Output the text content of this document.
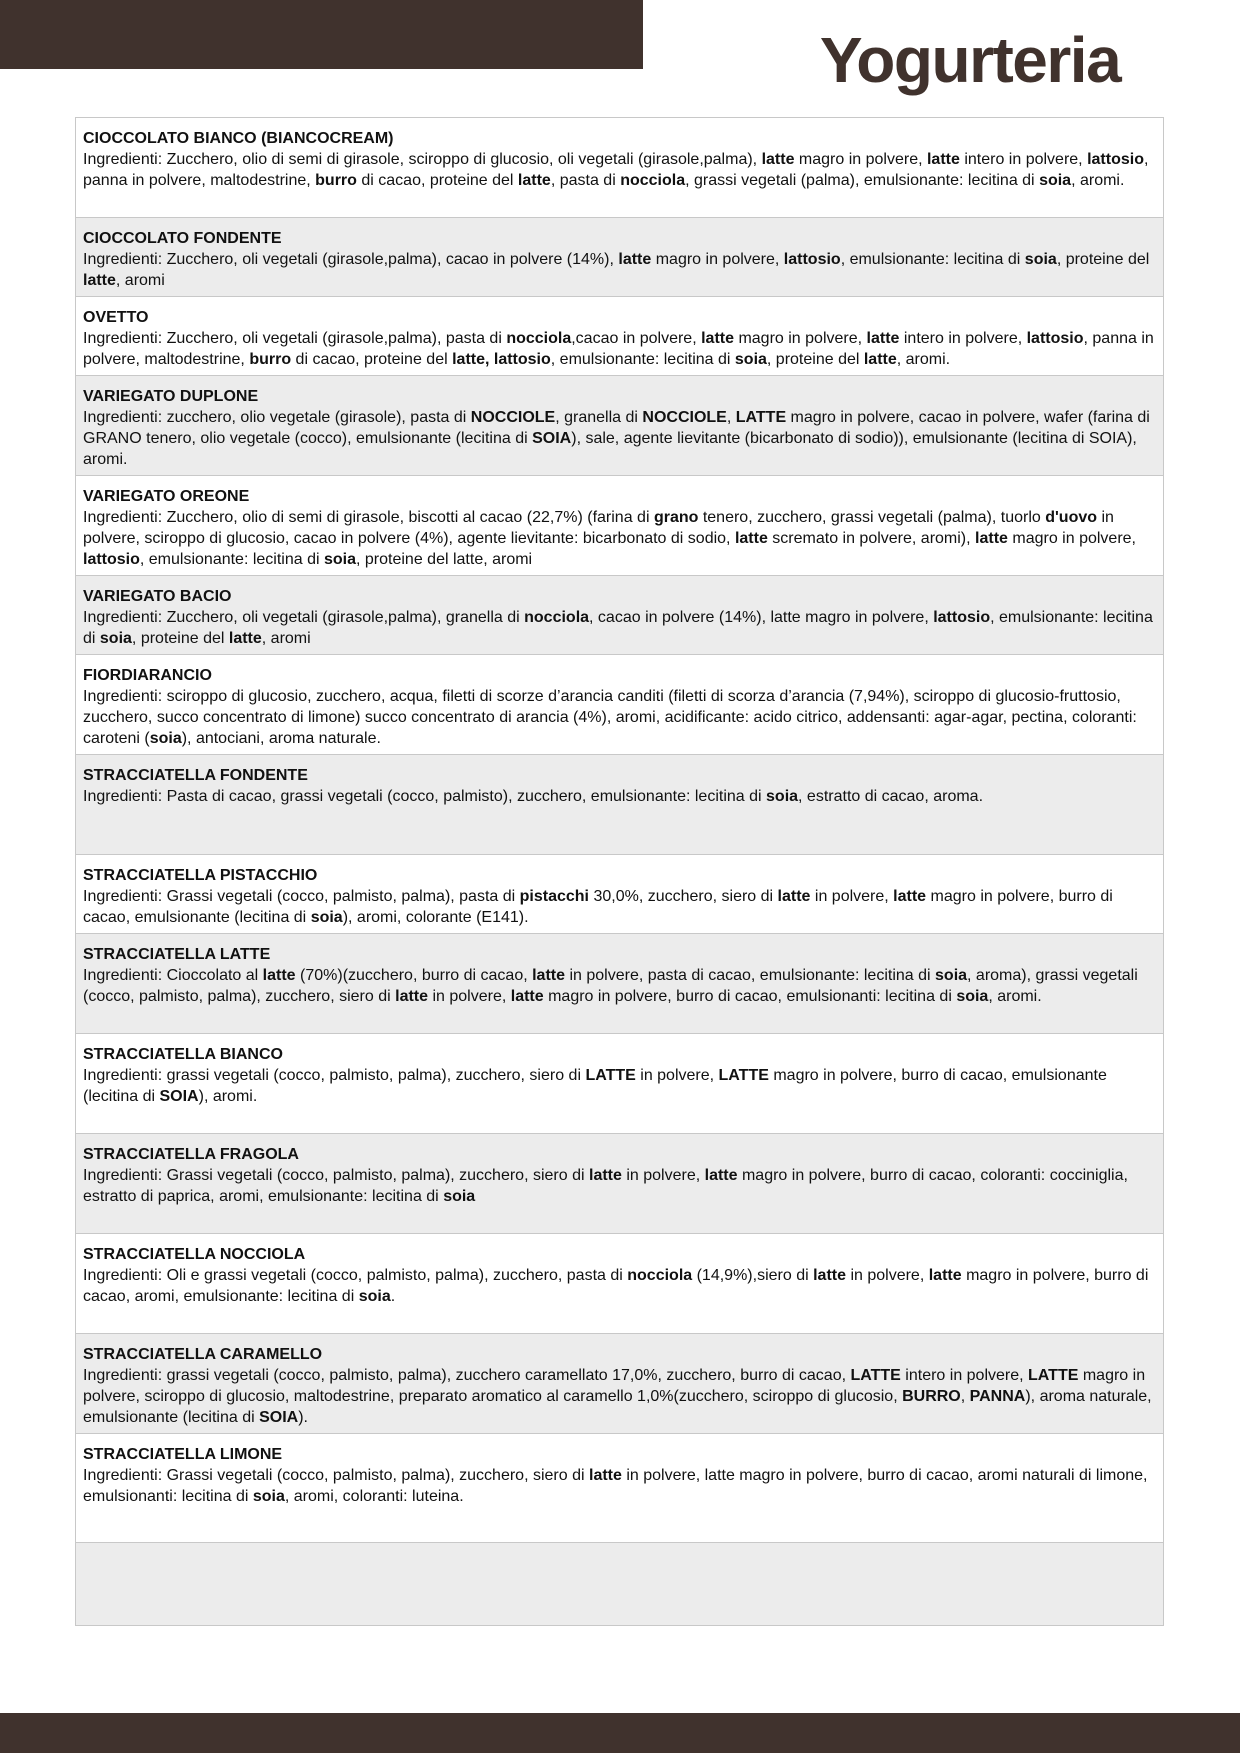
Yogurteria
CIOCCOLATO BIANCO (BIANCOCREAM)
Ingredienti: Zucchero, olio di semi di girasole, sciroppo di glucosio, oli vegetali (girasole,palma), latte magro in polvere, latte intero in polvere, lattosio, panna in polvere, maltodestrine, burro di cacao, proteine del latte, pasta di nocciola, grassi vegetali (palma), emulsionante: lecitina di soia, aromi.
CIOCCOLATO FONDENTE
Ingredienti: Zucchero, oli vegetali (girasole,palma), cacao in polvere (14%), latte magro in polvere, lattosio, emulsionante: lecitina di soia, proteine del latte, aromi
OVETTO
Ingredienti: Zucchero, oli vegetali (girasole,palma), pasta di nocciola,cacao in polvere, latte magro in polvere, latte intero in polvere, lattosio, panna in polvere, maltodestrine, burro di cacao, proteine del latte, lattosio, emulsionante: lecitina di soia, proteine del latte, aromi.
VARIEGATO DUPLONE
Ingredienti: zucchero, olio vegetale (girasole), pasta di NOCCIOLE, granella di NOCCIOLE, LATTE magro in polvere, cacao in polvere, wafer (farina di GRANO tenero, olio vegetale (cocco), emulsionante (lecitina di SOIA), sale, agente lievitante (bicarbonato di sodio)), emulsionante (lecitina di SOIA), aromi.
VARIEGATO OREONE
Ingredienti: Zucchero, olio di semi di girasole, biscotti al cacao (22,7%) (farina di grano tenero, zucchero, grassi vegetali (palma), tuorlo d'uovo in polvere, sciroppo di glucosio, cacao in polvere (4%), agente lievitante: bicarbonato di sodio, latte scremato in polvere, aromi), latte magro in polvere, lattosio, emulsionante: lecitina di soia, proteine del latte, aromi
VARIEGATO BACIO
Ingredienti: Zucchero, oli vegetali (girasole,palma), granella di nocciola, cacao in polvere (14%), latte magro in polvere, lattosio, emulsionante: lecitina di soia, proteine del latte, aromi
FIORDIARANCIO
Ingredienti: sciroppo di glucosio, zucchero, acqua, filetti di scorze d’arancia canditi (filetti di scorza d’arancia (7,94%), sciroppo di glucosio-fruttosio, zucchero, succo concentrato di limone) succo concentrato di arancia (4%), aromi, acidificante: acido citrico, addensanti: agar-agar, pectina, coloranti: caroteni (soia), antociani, aroma naturale.
STRACCIATELLA FONDENTE
Ingredienti: Pasta di cacao, grassi vegetali (cocco, palmisto), zucchero, emulsionante: lecitina di soia, estratto di cacao, aroma.
STRACCIATELLA PISTACCHIO
Ingredienti: Grassi vegetali (cocco, palmisto, palma), pasta di pistacchi 30,0%, zucchero, siero di latte in polvere, latte magro in polvere, burro di cacao, emulsionante (lecitina di soia), aromi, colorante (E141).
STRACCIATELLA LATTE
Ingredienti: Cioccolato al latte (70%)(zucchero, burro di cacao, latte in polvere, pasta di cacao, emulsionante: lecitina di soia, aroma), grassi vegetali (cocco, palmisto, palma), zucchero, siero di latte in polvere, latte magro in polvere, burro di cacao, emulsionanti: lecitina di soia, aromi.
STRACCIATELLA BIANCO
Ingredienti: grassi vegetali (cocco, palmisto, palma), zucchero, siero di LATTE in polvere, LATTE magro in polvere, burro di cacao, emulsionante (lecitina di SOIA), aromi.
STRACCIATELLA FRAGOLA
Ingredienti: Grassi vegetali (cocco, palmisto, palma), zucchero, siero di latte in polvere, latte magro in polvere, burro di cacao, coloranti: cocciniglia, estratto di paprica, aromi, emulsionante: lecitina di soia
STRACCIATELLA NOCCIOLA
Ingredienti: Oli e grassi vegetali (cocco, palmisto, palma), zucchero, pasta di nocciola (14,9%),siero di latte in polvere, latte magro in polvere, burro di cacao, aromi, emulsionante: lecitina di soia.
STRACCIATELLA CARAMELLO
Ingredienti: grassi vegetali (cocco, palmisto, palma), zucchero caramellato 17,0%, zucchero, burro di cacao, LATTE intero in polvere, LATTE magro in polvere, sciroppo di glucosio, maltodestrine, preparato aromatico al caramello 1,0%(zucchero, sciroppo di glucosio, BURRO, PANNA), aroma naturale, emulsionante (lecitina di SOIA).
STRACCIATELLA LIMONE
Ingredienti: Grassi vegetali (cocco, palmisto, palma), zucchero, siero di latte in polvere, latte magro in polvere, burro di cacao, aromi naturali di limone, emulsionanti: lecitina di soia, aromi, coloranti: luteina.
